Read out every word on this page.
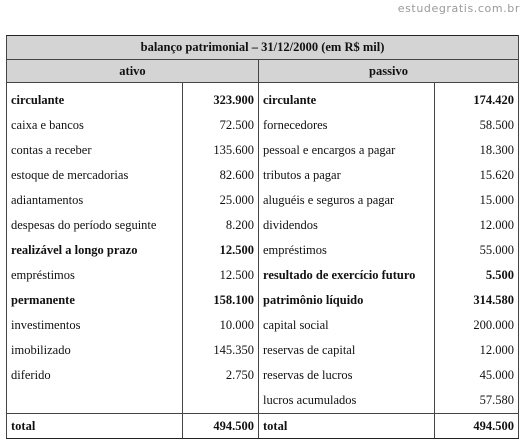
estudegratis.com.br
balanço patrimonial – 31/12/2000 (em R$ mil)			
ativo		passivo	

circulante	323.900	circulante	174.420
caixa e bancos	72.500	fornecedores	58.500
contas a receber	135.600	pessoal e encargos a pagar	18.300
estoque de mercadorias	82.600	tributos a pagar	15.620
adiantamentos	25.000	aluguéis e seguros a pagar	15.000
despesas do período seguinte	8.200	dividendos	12.000
realizável a longo prazo	12.500	empréstimos	55.000
empréstimos	12.500	resultado de exercício futuro	5.500
permanente	158.100	patrimônio líquido	314.580
investimentos	10.000	capital social	200.000
imobilizado	145.350	reservas de capital	12.000
diferido	2.750	reservas de lucros	45.000
		lucros acumulados	57.580
total	494.500	total	494.500
